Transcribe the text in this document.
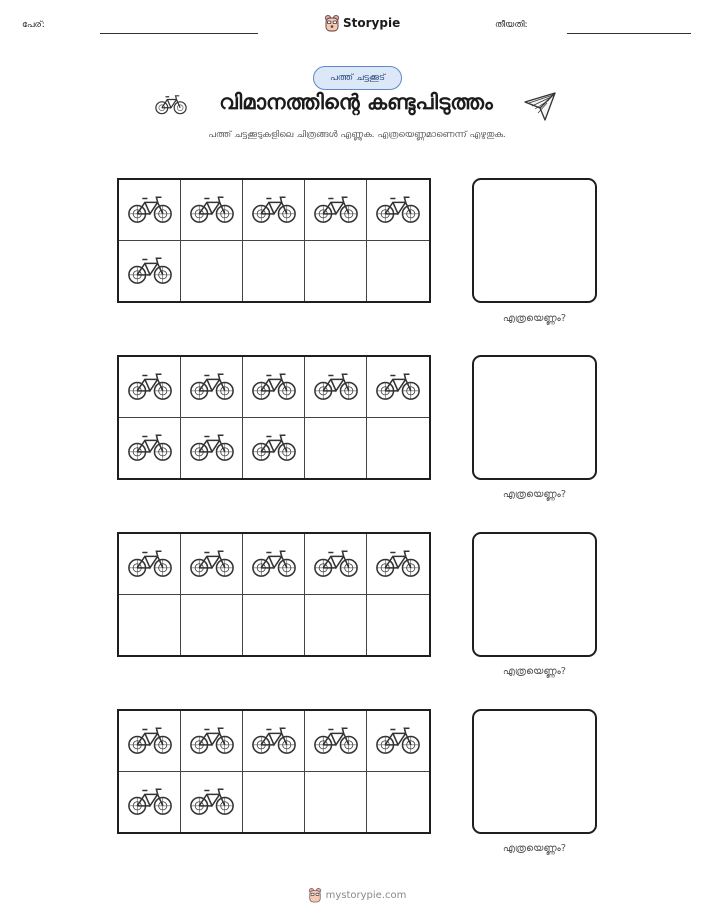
പേര്:	Storypie	തീയതി:
പത്ത് ചട്ടക്കൂട്
വിമാനത്തിന്റെ കണ്ടുപിടുത്തം
പത്ത് ചട്ടക്കൂടുകളിലെ ചിത്രങ്ങൾ എണ്ണുക. എത്രയെണ്ണമാണെന്ന് എഴുതുക.
എത്രയെണ്ണം?
എത്രയെണ്ണം?
എത്രയെണ്ണം?
എത്രയെണ്ണം?
mystorypie.com
